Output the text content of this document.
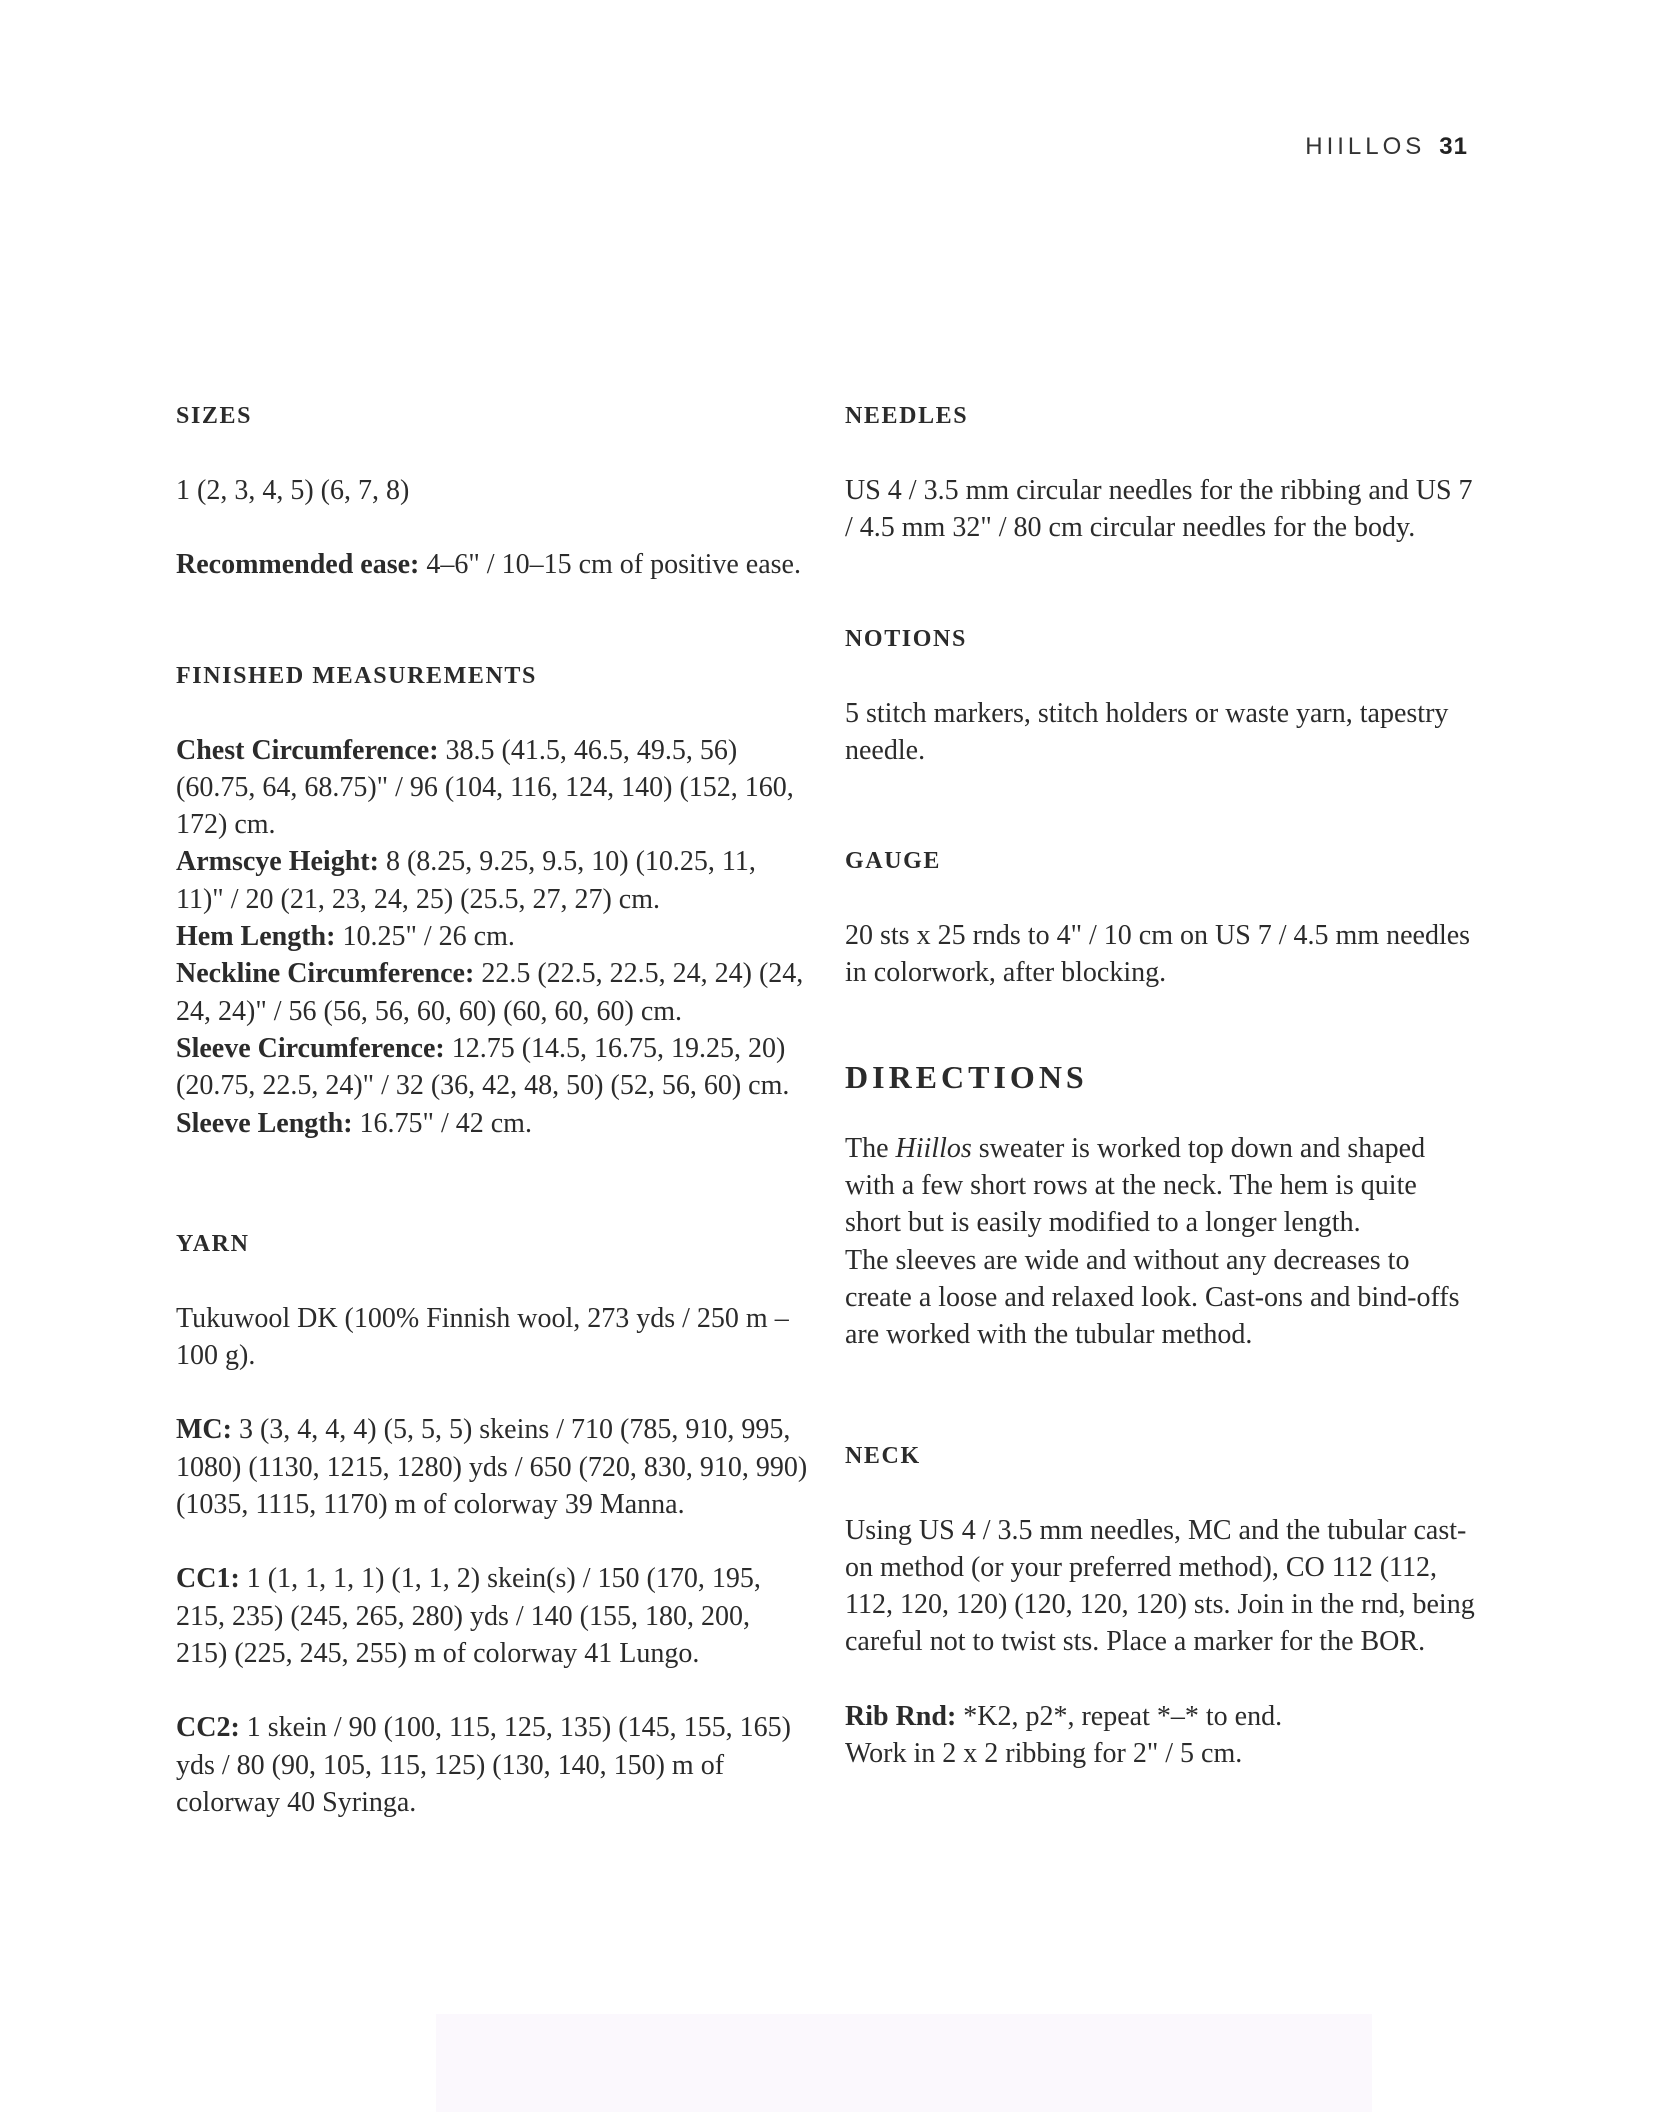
HIILLOS 31
SIZES

1 (2, 3, 4, 5) (6, 7, 8)

Recommended ease: 4–6" / 10–15 cm of positive ease.

FINISHED MEASUREMENTS

Chest Circumference: 38.5 (41.5, 46.5, 49.5, 56) (60.75, 64, 68.75)" / 96 (104, 116, 124, 140) (152, 160, 172) cm.

Armscye Height: 8 (8.25, 9.25, 9.5, 10) (10.25, 11, 11)" / 20 (21, 23, 24, 25) (25.5, 27, 27) cm.

Hem Length: 10.25" / 26 cm.

Neckline Circumference: 22.5 (22.5, 22.5, 24, 24) (24, 24, 24)" / 56 (56, 56, 60, 60) (60, 60, 60) cm.

Sleeve Circumference: 12.75 (14.5, 16.75, 19.25, 20) (20.75, 22.5, 24)" / 32 (36, 42, 48, 50) (52, 56, 60) cm.

Sleeve Length: 16.75" / 42 cm.

YARN

Tukuwool DK (100% Finnish wool, 273 yds / 250 m – 100 g).

MC: 3 (3, 4, 4, 4) (5, 5, 5) skeins / 710 (785, 910, 995, 1080) (1130, 1215, 1280) yds / 650 (720, 830, 910, 990) (1035, 1115, 1170) m of colorway 39 Manna.

CC1: 1 (1, 1, 1, 1) (1, 1, 2) skein(s) / 150 (170, 195, 215, 235) (245, 265, 280) yds / 140 (155, 180, 200, 215) (225, 245, 255) m of colorway 41 Lungo.

CC2: 1 skein / 90 (100, 115, 125, 135) (145, 155, 165) yds / 80 (90, 105, 115, 125) (130, 140, 150) m of colorway 40 Syringa.

NEEDLES

US 4 / 3.5 mm circular needles for the ribbing and US 7 / 4.5 mm 32" / 80 cm circular needles for the body.

NOTIONS

5 stitch markers, stitch holders or waste yarn, tapestry needle.

GAUGE

20 sts x 25 rnds to 4" / 10 cm on US 7 / 4.5 mm needles in colorwork, after blocking.

DIRECTIONS

The Hiillos sweater is worked top down and shaped with a few short rows at the neck. The hem is quite short but is easily modified to a longer length.

The sleeves are wide and without any decreases to create a loose and relaxed look. Cast-ons and bind-offs are worked with the tubular method.

NECK

Using US 4 / 3.5 mm needles, MC and the tubular cast-on method (or your preferred method), CO 112 (112, 112, 120, 120) (120, 120, 120) sts. Join in the rnd, being careful not to twist sts. Place a marker for the BOR.

Rib Rnd: *K2, p2*, repeat *–* to end.

Work in 2 x 2 ribbing for 2" / 5 cm.
